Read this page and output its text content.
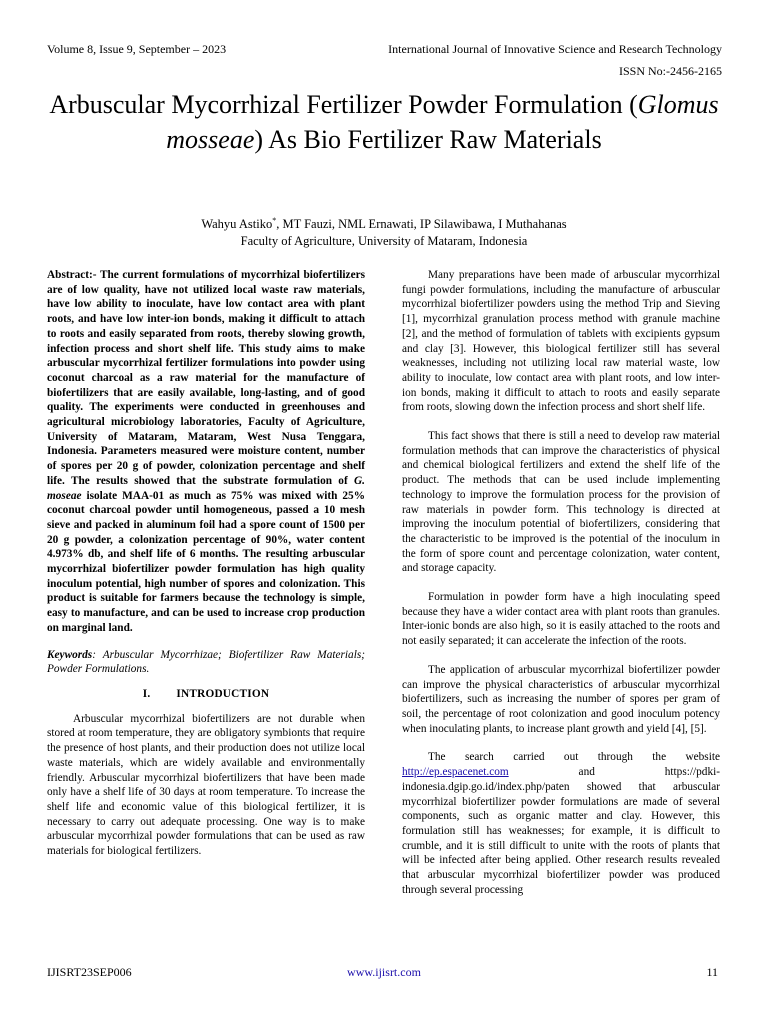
Volume 8, Issue 9, September – 2023	International Journal of Innovative Science and Research Technology
ISSN No:-2456-2165
Arbuscular Mycorrhizal Fertilizer Powder Formulation (Glomus mosseae) As Bio Fertilizer Raw Materials
Wahyu Astiko*, MT Fauzi, NML Ernawati, IP Silawibawa, I Muthahanas
Faculty of Agriculture, University of Mataram, Indonesia

Abstract:- The current formulations of mycorrhizal biofertilizers are of low quality, have not utilized local waste raw materials, have low ability to inoculate, have low contact area with plant roots, and have low inter-ion bonds, making it difficult to attach to roots and easily separated from roots, thereby slowing growth, infection process and short shelf life. This study aims to make arbuscular mycorrhizal fertilizer formulations into powder using coconut charcoal as a raw material for the manufacture of biofertilizers that are easily available, long-lasting, and of good quality. The experiments were conducted in greenhouses and agricultural microbiology laboratories, Faculty of Agriculture, University of Mataram, Mataram, West Nusa Tenggara, Indonesia. Parameters measured were moisture content, number of spores per 20 g of powder, colonization percentage and shelf life. The results showed that the substrate formulation of G. moseae isolate MAA-01 as much as 75% was mixed with 25% coconut charcoal powder until homogeneous, passed a 10 mesh sieve and packed in aluminum foil had a spore count of 1500 per 20 g powder, a colonization percentage of 90%, water content 4.973% db, and shelf life of 6 months. The resulting arbuscular mycorrhizal biofertilizer powder formulation has high quality inoculum potential, high number of spores and colonization. This product is suitable for farmers because the technology is simple, easy to manufacture, and can be used to increase crop production on marginal land.

Keywords: Arbuscular Mycorrhizae; Biofertilizer Raw Materials; Powder Formulations.

I. INTRODUCTION

Arbuscular mycorrhizal biofertilizers are not durable when stored at room temperature, they are obligatory symbionts that require the presence of host plants, and their production does not utilize local waste materials, which are widely available and environmentally friendly. Arbuscular mycorrhizal biofertilizers that have been made only have a shelf life of 30 days at room temperature. To increase the shelf life and economic value of this biological fertilizer, it is necessary to carry out adequate processing. One way is to make arbuscular mycorrhizal powder formulations that can be used as raw materials for biological fertilizers.

Many preparations have been made of arbuscular mycorrhizal fungi powder formulations, including the manufacture of arbuscular mycorrhizal biofertilizer powders using the method Trip and Sieving [1], mycorrhizal granulation process method with granule machine [2], and the method of formulation of tablets with excipients gypsum and clay [3]. However, this biological fertilizer still has several weaknesses, including not utilizing local raw material waste, low ability to inoculate, low contact area with plant roots, and low inter-ion bonds, making it difficult to attach to roots and easily separate from roots, slowing down the infection process and short shelf life.

This fact shows that there is still a need to develop raw material formulation methods that can improve the characteristics of physical and chemical biological fertilizers and extend the shelf life of the product. The methods that can be used include implementing technology to improve the formulation process for the provision of raw materials in powder form. This technology is directed at improving the inoculum potential of biofertilizers, considering that the characteristic to be improved is the potential of the inoculum in the form of spore count and percentage colonization, water content, and storage capacity.

Formulation in powder form have a high inoculating speed because they have a wider contact area with plant roots than granules. Inter-ionic bonds are also high, so it is easily attached to the roots and not easily separated; it can accelerate the infection of the roots.

The application of arbuscular mycorrhizal biofertilizer powder can improve the physical characteristics of arbuscular mycorrhizal biofertilizers, such as increasing the number of spores per gram of soil, the percentage of root colonization and good inoculum potency when inoculating plants, to increase plant growth and yield [4], [5].

The search carried out through the website http://ep.espacenet.com and https://pdki-indonesia.dgip.go.id/index.php/paten showed that arbuscular mycorrhizal biofertilizer powder formulations are made of several components, such as organic matter and clay. However, this formulation still has weaknesses; for example, it is difficult to crumble, and it is still difficult to unite with the roots of plants that will be infected after being applied. Other research results revealed that arbuscular mycorrhizal biofertilizer powder was produced through several processing

IJISRT23SEP006	www.ijisrt.com	11
